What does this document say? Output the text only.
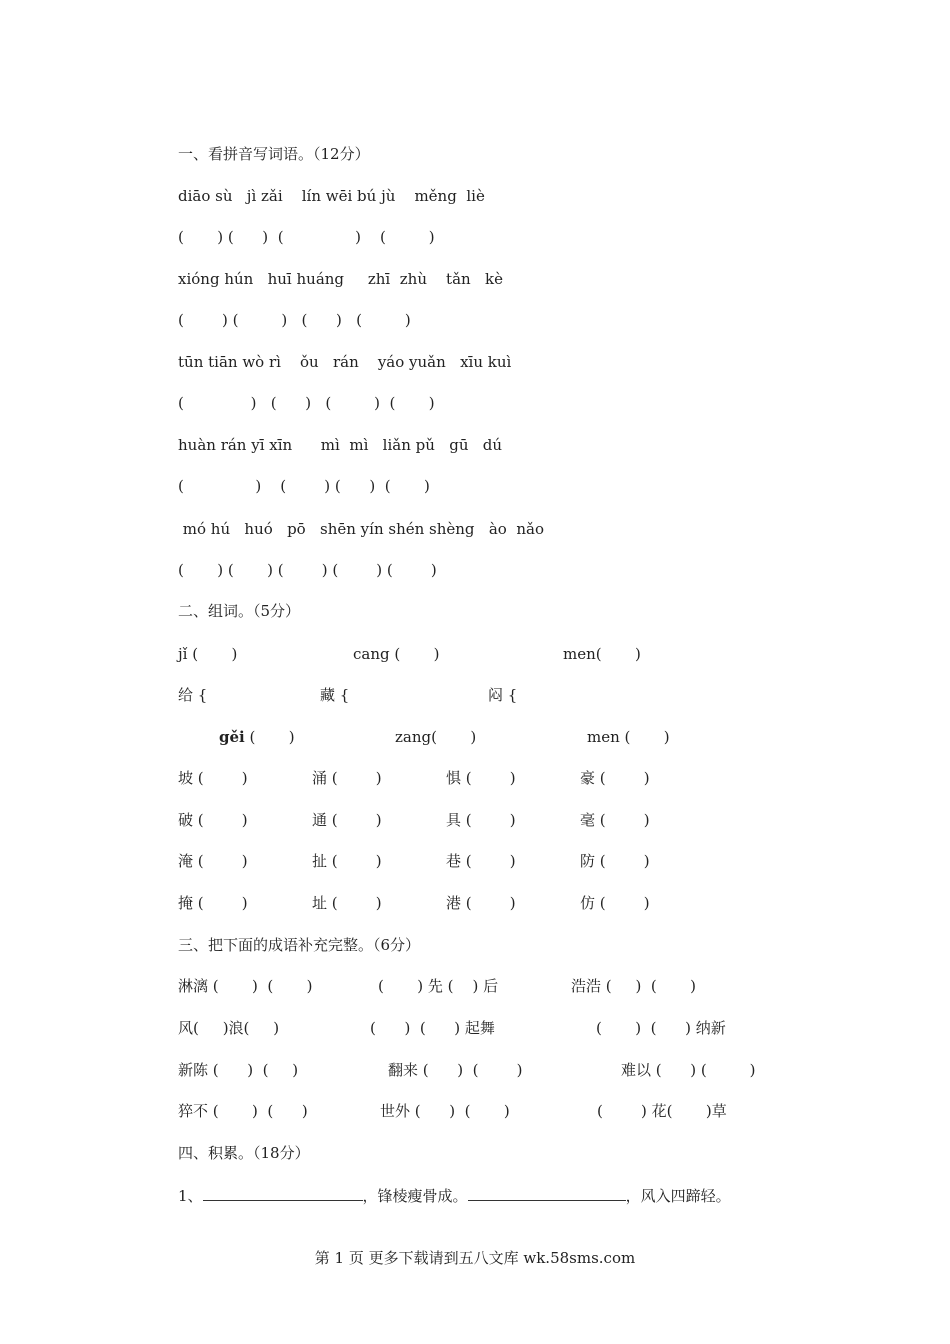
一、看拼音写词语。（12分）
diāo sù   jì zǎi    lín wēi bú jù    měng  liè
(       ) (      )  (               )    (         )
xióng hún   huī huáng     zhī  zhù    tǎn   kè
(        ) (         )   (      )   (         )
tūn tiān wò rì    ǒu   rán    yáo yuǎn   xīu kuì
(              )   (      )   (         )  (       )
huàn rán yī xīn      mì  mì   liǎn pǔ   gū   dú
(               )    (        ) (      )  (       )
mó hú   huó   pō   shēn yín shén shèng   ào  nǎo
(       ) (       ) (        ) (        ) (        )
二、组词。（5分）
jǐ (       )	cang (       )	men(       )
给 {	藏 {	闷 {
gěi (       )	zang(       )	men (       )
坡 (        )	涌 (        )	惧 (        )	豪 (        )
破 (        )	通 (        )	具 (        )	毫 (        )
淹 (        )	扯 (        )	巷 (        )	防 (        )
掩 (        )	址 (        )	港 (        )	仿 (        )
三、把下面的成语补充完整。（6分）
淋漓 (       )  (       )	(       ) 先 (    ) 后	浩浩 (     )  (       )
风(     )浪(     )	(      )  (      ) 起舞	(       )  (      ) 纳新
新陈 (      )  (     )	翻来 (      )  (        )	难以 (      ) (         )
猝不 (       )  (      )	世外 (      )  (       )	(        ) 花(       )草
四、积累。（18分）
1、	，锋棱瘦骨成。	，风入四蹄轻。
第 1 页 更多下载请到五八文库 wk.58sms.com
